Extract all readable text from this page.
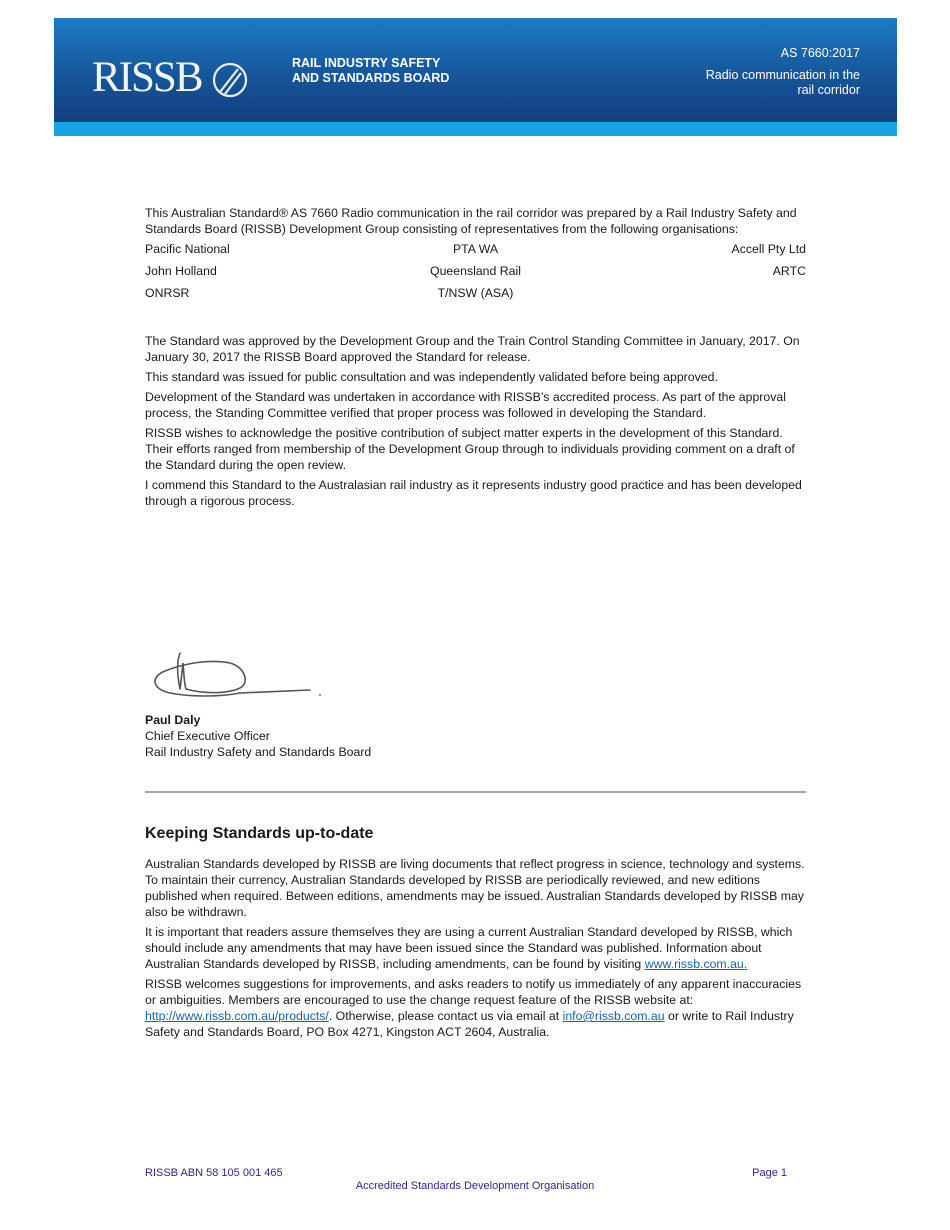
RISSB	RAIL INDUSTRY SAFETY
AND STANDARDS BOARD
AS 7660:2017
Radio communication in the
rail corridor

This Australian Standard® AS 7660 Radio communication in the rail corridor was prepared by a Rail Industry Safety and Standards Board (RISSB) Development Group consisting of representatives from the following organisations:

Pacific National	PTA WA	Accell Pty Ltd
John Holland	Queensland Rail	ARTC
ONRSR	T/NSW (ASA)

The Standard was approved by the Development Group and the Train Control Standing Committee in January, 2017. On January 30, 2017 the RISSB Board approved the Standard for release.

This standard was issued for public consultation and was independently validated before being approved.

Development of the Standard was undertaken in accordance with RISSB’s accredited process. As part of the approval process, the Standing Committee verified that proper process was followed in developing the Standard.

RISSB wishes to acknowledge the positive contribution of subject matter experts in the development of this Standard. Their efforts ranged from membership of the Development Group through to individuals providing comment on a draft of the Standard during the open review.

I commend this Standard to the Australasian rail industry as it represents industry good practice and has been developed through a rigorous process.

Paul Daly
Chief Executive Officer
Rail Industry Safety and Standards Board
Keeping Standards up-to-date

Australian Standards developed by RISSB are living documents that reflect progress in science, technology and systems. To maintain their currency, Australian Standards developed by RISSB are periodically reviewed, and new editions published when required. Between editions, amendments may be issued. Australian Standards developed by RISSB may also be withdrawn.

It is important that readers assure themselves they are using a current Australian Standard developed by RISSB, which should include any amendments that may have been issued since the Standard was published. Information about Australian Standards developed by RISSB, including amendments, can be found by visiting www.rissb.com.au.

RISSB welcomes suggestions for improvements, and asks readers to notify us immediately of any apparent inaccuracies or ambiguities. Members are encouraged to use the change request feature of the RISSB website at: http://www.rissb.com.au/products/. Otherwise, please contact us via email at info@rissb.com.au or write to Rail Industry Safety and Standards Board, PO Box 4271, Kingston ACT 2604, Australia.

RISSB ABN 58 105 001 465	Page 1
Accredited Standards Development Organisation
